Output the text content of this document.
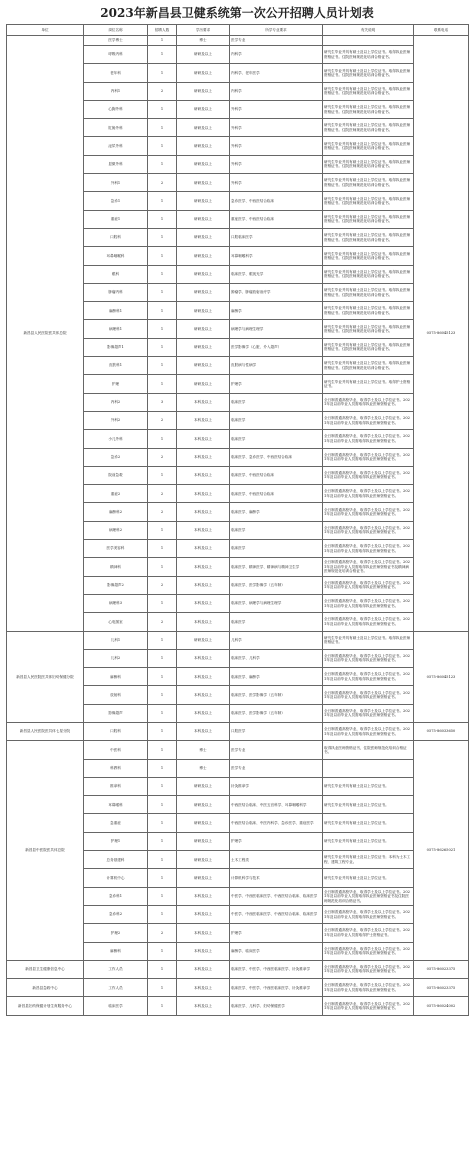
2023年新昌县卫健系统第一次公开招聘人员计划表
单位	岗位名称	招聘人数	学历要求	所学专业要求	有关说明	联系电话
新昌县人民医院医共体总院	医学博士	1	博士	医学专业		0575-86045123
	呼吸内科	1	研研及以上	内科学	研究生毕业并具有硕士及以上学位证书。取得执业医师资格证书。住院医师规范化培训合格证书。	
	老年科	1	研研及以上	内科学、老年医学	研究生毕业并具有硕士及以上学位证书。取得执业医师资格证书。住院医师规范化培训合格证书。	
	内科1	2	研研及以上	内科学	研究生毕业并具有硕士及以上学位证书。取得执业医师资格证书。住院医师规范化培训合格证书。	
	心胸外科	1	研研及以上	外科学	研究生毕业并具有硕士及以上学位证书。取得执业医师资格证书。住院医师规范化培训合格证书。	
	肛肠外科	1	研研及以上	外科学	研究生毕业并具有硕士及以上学位证书。取得执业医师资格证书。住院医师规范化培训合格证书。	
	泌尿外科	1	研研及以上	外科学	研究生毕业并具有硕士及以上学位证书。取得执业医师资格证书。住院医师规范化培训合格证书。	
	显微外科	1	研研及以上	外科学	研究生毕业并具有硕士及以上学位证书。取得执业医师资格证书。住院医师规范化培训合格证书。	
	外科1	2	研研及以上	外科学	研究生毕业并具有硕士及以上学位证书。取得执业医师资格证书。住院医师规范化培训合格证书。	
	急诊1	1	研研及以上	急诊医学、中西医结合临床	研究生毕业并具有硕士及以上学位证书。取得执业医师资格证书。住院医师规范化培训合格证书。	
	重症1	1	研研及以上	重症医学、中西医结合临床	研究生毕业并具有硕士及以上学位证书。取得执业医师资格证书。住院医师规范化培训合格证书。	
	口腔科	1	研研及以上	口腔临床医学	研究生毕业并具有硕士及以上学位证书。取得执业医师资格证书。住院医师规范化培训合格证书。	
	耳鼻咽喉科	1	研研及以上	耳鼻咽喉科学	研究生毕业并具有硕士及以上学位证书。取得执业医师资格证书。住院医师规范化培训合格证书。	
	眼科	1	研研及以上	临床医学、眼视光学	研究生毕业并具有硕士及以上学位证书。取得执业医师资格证书。住院医师规范化培训合格证书。	
	肿瘤内科	1	研研及以上	肿瘤学、肿瘤放射治疗学	研究生毕业并具有硕士及以上学位证书。取得执业医师资格证书。住院医师规范化培训合格证书。	
	麻醉科1	1	研研及以上	麻醉学	研究生毕业并具有硕士及以上学位证书。取得执业医师资格证书。住院医师规范化培训合格证书。	
	病理科1	1	研研及以上	病理学与病理生理学	研究生毕业并具有硕士及以上学位证书。取得执业医师资格证书。住院医师规范化培训合格证书。	
	影像超声1	1	研研及以上	医学影像学（心脏、介入超声）	研究生毕业并具有硕士及以上学位证书。取得执业医师资格证书。住院医师规范化培训合格证书。	
	皮肤科1	1	研研及以上	皮肤病与性病学	研究生毕业并具有硕士及以上学位证书。取得执业医师资格证书。住院医师规范化培训合格证书。	
	护理	1	研研及以上	护理学	研究生毕业并具有硕士及以上学位证书。取得护士资格证书。	
	内科2	3	本科及以上	临床医学	全日制普通高校毕业，取得学士及以上学位证书。2021年及以前毕业人员需取得执业医师资格证书。	
	外科2	2	本科及以上	临床医学	全日制普通高校毕业，取得学士及以上学位证书。2021年及以前毕业人员需取得执业医师资格证书。	
	小儿外科	1	本科及以上	临床医学	全日制普通高校毕业，取得学士及以上学位证书。2021年及以前毕业人员需取得执业医师资格证书。	
	急诊2	2	本科及以上	临床医学、急诊医学、中西医结合临床	全日制普通高校毕业，取得学士及以上学位证书。2021年及以前毕业人员需取得执业医师资格证书。	
	院前急救	1	本科及以上	临床医学、中西医结合临床	全日制普通高校毕业，取得学士及以上学位证书。2021年及以前毕业人员需取得执业医师资格证书。	
	重症2	2	本科及以上	临床医学、中西医结合临床	全日制普通高校毕业，取得学士及以上学位证书。2021年及以前毕业人员需取得执业医师资格证书。	
	麻醉科2	2	本科及以上	临床医学、麻醉学	全日制普通高校毕业，取得学士及以上学位证书。2021年及以前毕业人员需取得执业医师资格证书。	
	病理科2	1	本科及以上	临床医学	全日制普通高校毕业，取得学士及以上学位证书。2021年及以前毕业人员需取得执业医师资格证书。	
	医学美容科	1	本科及以上	临床医学	全日制普通高校毕业，取得学士及以上学位证书。2021年及以前毕业人员需取得执业医师资格证书。	
	精神科	1	本科及以上	临床医学、精神医学、精神病与精神卫生学	全日制普通高校毕业，取得学士及以上学位证书。2021年及以前毕业人员需取得执业医师资格证书及精神病医师规范化培训合格证书。	
	影像超声2	2	本科及以上	临床医学、医学影像学（五年制）	全日制普通高校毕业，取得学士及以上学位证书。2021年及以前毕业人员需取得执业医师资格证书。	
	病理科3	1	本科及以上	临床医学、病理学与病理生理学	全日制普通高校毕业，取得学士及以上学位证书。2021年及以前毕业人员需取得执业医师资格证书。	
	心电图室	2	本科及以上	临床医学	全日制普通高校毕业，取得学士及以上学位证书。2021年及以前毕业人员需取得执业医师资格证书。	
新昌县人民医院医共体妇幼保健分院	儿科1	1	研研及以上	儿科学	研究生毕业并具有硕士及以上学位证书。取得执业医师资格证书。	0575-86045123
	儿科2	1	本科及以上	临床医学、儿科学	全日制普通高校毕业，取得学士及以上学位证书。2021年及以前毕业人员需取得执业医师资格证书。	
	麻醉科	1	本科及以上	临床医学、麻醉学	全日制普通高校毕业，取得学士及以上学位证书。2021年及以前毕业人员需取得执业医师资格证书。	
	放射科	1	本科及以上	临床医学、医学影像学（五年制）	全日制普通高校毕业，取得学士及以上学位证书。2021年及以前毕业人员需取得执业医师资格证书。	
	影像超声	1	本科及以上	临床医学、医学影像学（五年制）	全日制普通高校毕业，取得学士及以上学位证书。2021年及以前毕业人员需取得执业医师资格证书。	
新昌县人民医院医共体七星分院	口腔科	1	本科及以上	口腔医学	全日制普通高校毕业，取得学士及以上学位证书。2021年及以前毕业人员需取得执业医师资格证书。	0575-86033650
新昌县中医院医共体总院	中医科	1	博士	医学专业	取得执业医师资格证书，住院医师规范化培训合格证书。	0575-86265021
	科教科	1	博士	医学专业		
	推拿科	1	研研及以上	针灸推拿学	研究生毕业并具有硕士及以上学位证书。	
	耳鼻喉科	1	研研及以上	中西医结合临床、中医五官科学、耳鼻咽喉科学	研究生毕业并具有硕士及以上学位证书。	
	急重症	1	研研及以上	中西医结合临床、中医内科学、急诊医学、重症医学	研究生毕业并具有硕士及以上学位证书。	
	护理1	1	研研及以上	护理学	研究生毕业并具有硕士及以上学位证书。	
	总务基建科	1	研研及以上	土木工程类	研究生毕业并具有硕士及以上学位证书；本科为土木工程、建筑工程专业。	
	计算机中心	1	研研及以上	计算机科学与技术	研究生毕业并具有硕士及以上学位证书。	
	急诊科1	1	本科及以上	中医学、中西医临床医学、中西医结合临床、临床医学	全日制普通高校毕业，取得学士及以上学位证书。2021年及以前毕业人员需取得执业医师资格证书及住院医师规范化培训合格证书。	
	急诊科2	1	本科及以上	中医学、中西医临床医学、中西医结合临床、临床医学	全日制普通高校毕业，取得学士及以上学位证书。2021年及以前毕业人员需取得执业医师资格证书。	
	护理2	2	本科及以上	护理学	全日制普通高校毕业，取得学士及以上学位证书。2021年及以前毕业人员需取得护士资格证书。	
	麻醉科	1	本科及以上	麻醉学、临床医学	全日制普通高校毕业，取得学士及以上学位证书。2021年及以前毕业人员需取得执业医师资格证书。	
新昌县卫生健康信息中心	工作人员	1	本科及以上	临床医学、中医学、中西医临床医学、针灸推拿学	全日制普通高校毕业，取得学士及以上学位证书。2021年及以前毕业人员需取得执业医师资格证书。	0575-86023375
新昌县急救中心	工作人员	1	本科及以上	临床医学、中医学、中西医临床医学、针灸推拿学	全日制普通高校毕业，取得学士及以上学位证书。2021年及以前毕业人员需取得执业医师资格证书。	0575-86023375
新昌县妇幼保健计划生育服务中心	临床医学	1	本科及以上	临床医学、儿科学、妇幼保健医学	全日制普通高校毕业，取得学士及以上学位证书。2021年及以前毕业人员需取得执业医师资格证书。	0575-86024002
